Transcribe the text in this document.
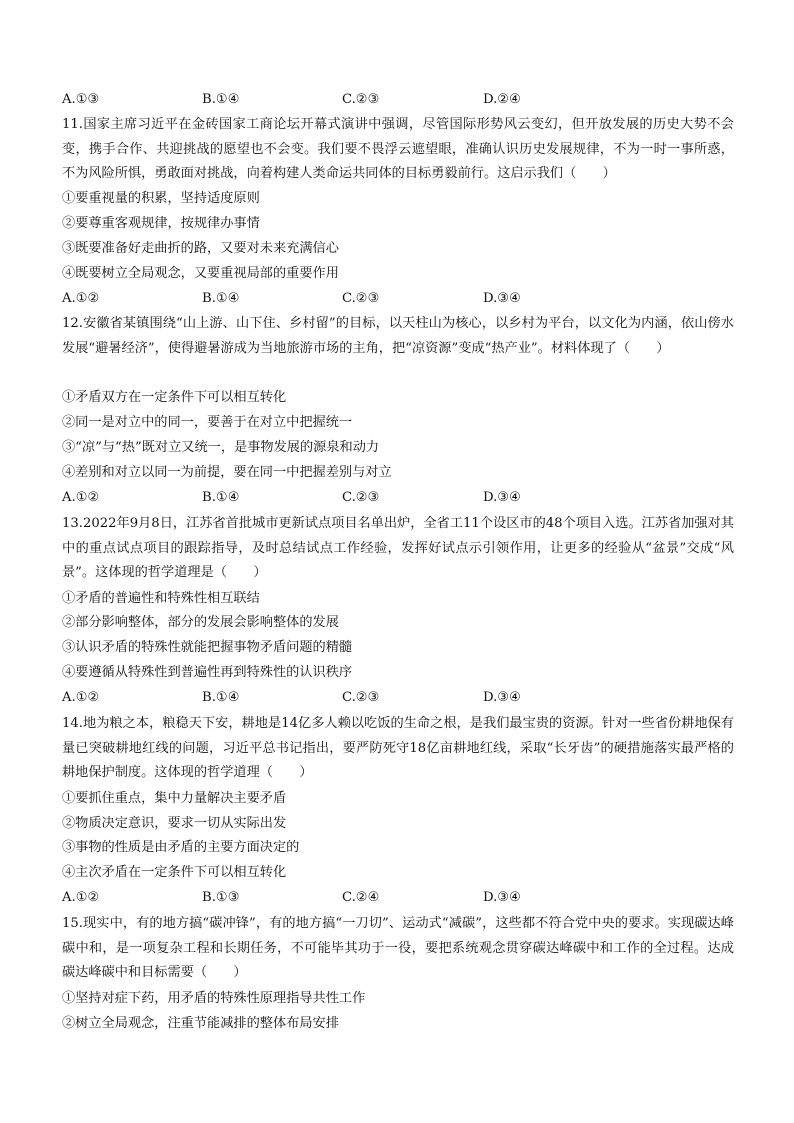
A.①③	B.①④	C.②③	D.②④
11.国家主席习近平在金砖国家工商论坛开幕式演讲中强调，尽管国际形势风云变幻，但开放发展的历史大势不会变，携手合作、共迎挑战的愿望也不会变。我们要不畏浮云遮望眼，准确认识历史发展规律，不为一时一事所惑，不为风险所惧，勇敢面对挑战，向着构建人类命运共同体的目标勇毅前行。这启示我们（　　）
①要重视量的积累，坚持适度原则
②要尊重客观规律，按规律办事情
③既要准备好走曲折的路，又要对未来充满信心
④既要树立全局观念，又要重视局部的重要作用
A.①②	B.①④	C.②③	D.③④
12.安徽省某镇围绕“山上游、山下住、乡村留”的目标，以天柱山为核心，以乡村为平台，以文化为内涵，依山傍水发展“避暑经济”，使得避暑游成为当地旅游市场的主角，把“凉资源”变成“热产业”。材料体现了（　　）
①矛盾双方在一定条件下可以相互转化
②同一是对立中的同一，要善于在对立中把握统一
③“凉”与“热”既对立又统一，是事物发展的源泉和动力
④差别和对立以同一为前提，要在同一中把握差别与对立
A.①②	B.①④	C.②③	D.③④
13.2022年9月8日，江苏省首批城市更新试点项目名单出炉，全省工11个设区市的48个项目入选。江苏省加强对其中的重点试点项目的跟踪指导，及时总结试点工作经验，发挥好试点示引领作用，让更多的经验从“盆景”交成“风景”。这体现的哲学道理是（　　）
①矛盾的普遍性和特殊性相互联结
②部分影响整体，部分的发展会影响整体的发展
③认识矛盾的特殊性就能把握事物矛盾问题的精髓
④要遵循从特殊性到普遍性再到特殊性的认识秩序
A.①②	B.①④	C.②③	D.③④
14.地为粮之本，粮稳天下安，耕地是14亿多人赖以吃饭的生命之根，是我们最宝贵的资源。针对一些省份耕地保有量已突破耕地红线的问题，习近平总书记指出，要严防死守18亿亩耕地红线，采取“长牙齿”的硬措施落实最严格的耕地保护制度。这体现的哲学道理（　　）
①要抓住重点，集中力量解决主要矛盾
②物质决定意识，要求一切从实际出发
③事物的性质是由矛盾的主要方面决定的
④主次矛盾在一定条件下可以相互转化
A.①②	B.①③	C.②④	D.③④
15.现实中，有的地方搞“碳冲锋”，有的地方搞“一刀切”、运动式“减碳”，这些都不符合党中央的要求。实现碳达峰碳中和，是一项复杂工程和长期任务，不可能毕其功于一役，要把系统观念贯穿碳达峰碳中和工作的全过程。达成碳达峰碳中和目标需要（　　）
①坚持对症下药，用矛盾的特殊性原理指导共性工作
②树立全局观念，注重节能减排的整体布局安排
